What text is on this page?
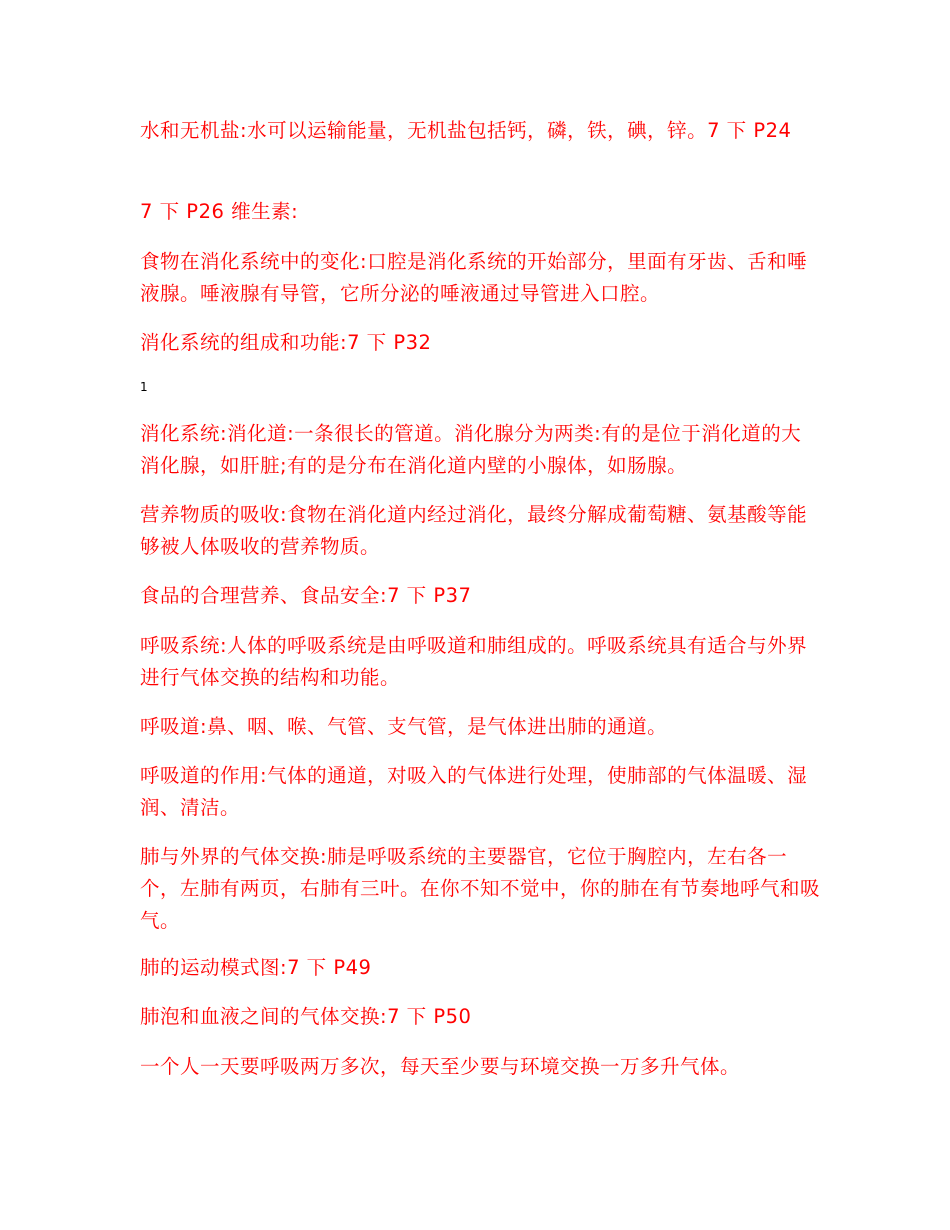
水和无机盐:水可以运输能量，无机盐包括钙，磷，铁，碘，锌。7 下 P24

7 下 P26 维生素:

食物在消化系统中的变化:口腔是消化系统的开始部分，里面有牙齿、舌和唾液腺。唾液腺有导管，它所分泌的唾液通过导管进入口腔。

消化系统的组成和功能:7 下 P32

1

消化系统:消化道:一条很长的管道。消化腺分为两类:有的是位于消化道的大消化腺，如肝脏;有的是分布在消化道内壁的小腺体，如肠腺。

营养物质的吸收:食物在消化道内经过消化，最终分解成葡萄糖、氨基酸等能够被人体吸收的营养物质。

食品的合理营养、食品安全:7 下 P37

呼吸系统:人体的呼吸系统是由呼吸道和肺组成的。呼吸系统具有适合与外界进行气体交换的结构和功能。

呼吸道:鼻、咽、喉、气管、支气管，是气体进出肺的通道。

呼吸道的作用:气体的通道，对吸入的气体进行处理，使肺部的气体温暖、湿润、清洁。

肺与外界的气体交换:肺是呼吸系统的主要器官，它位于胸腔内，左右各一个，左肺有两页，右肺有三叶。在你不知不觉中，你的肺在有节奏地呼气和吸气。

肺的运动模式图:7 下 P49

肺泡和血液之间的气体交换:7 下 P50

一个人一天要呼吸两万多次，每天至少要与环境交换一万多升气体。
